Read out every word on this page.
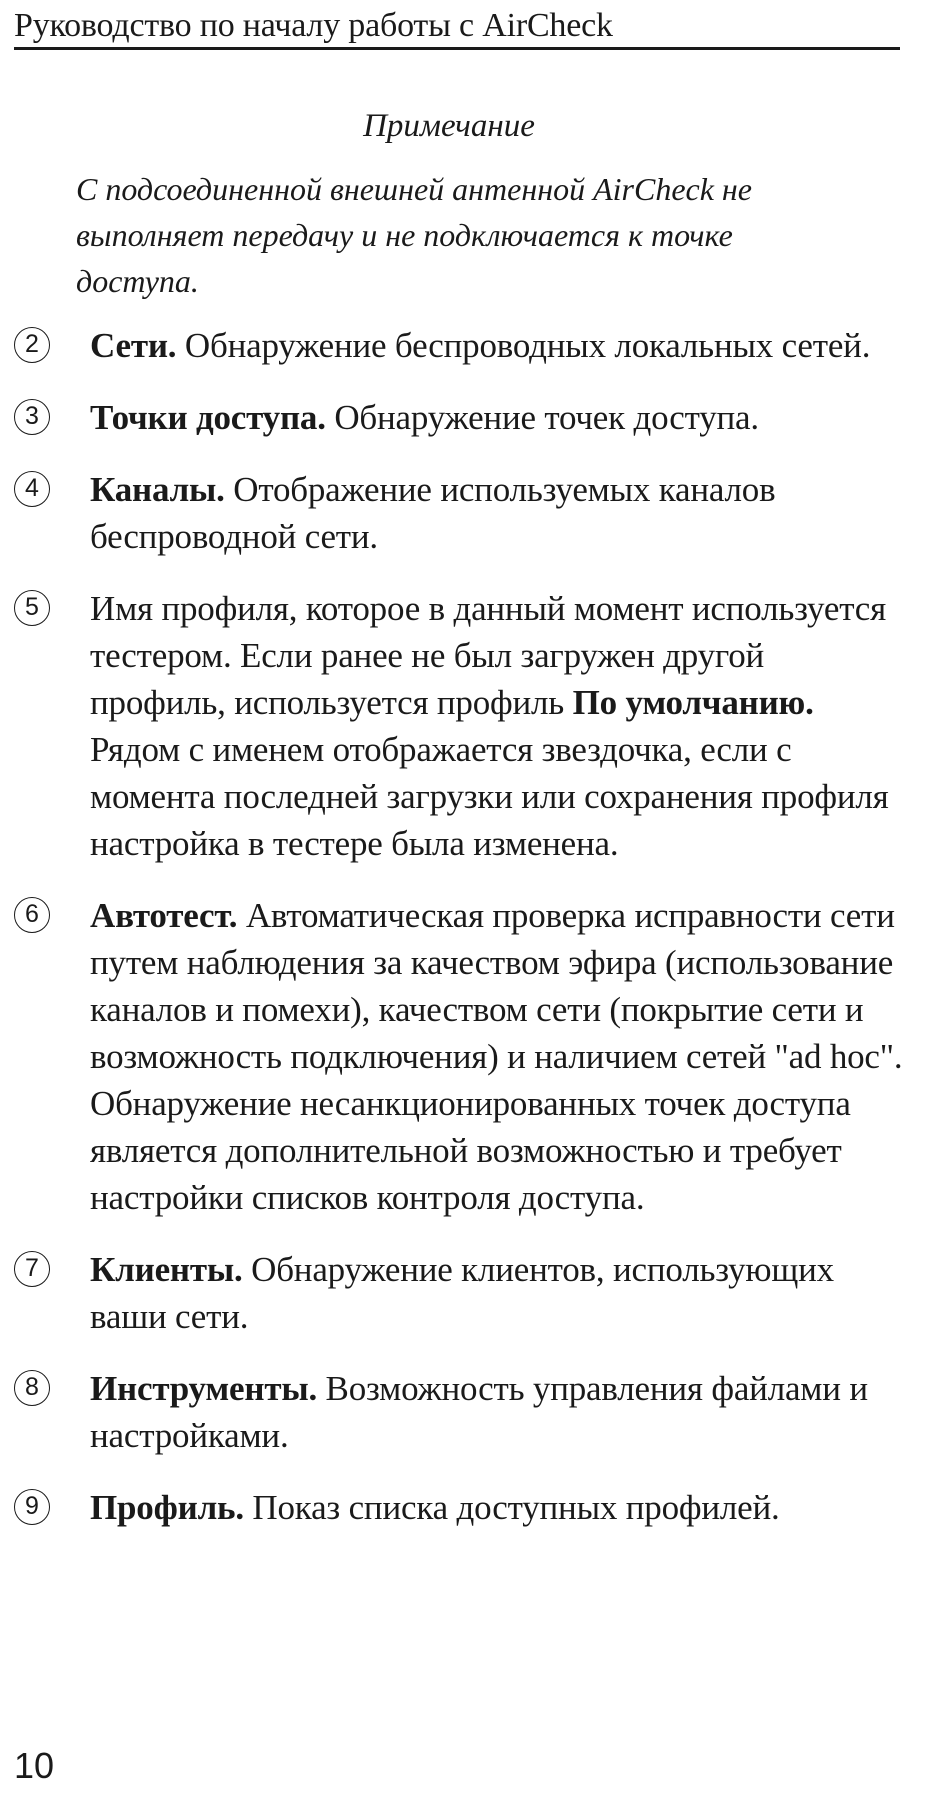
Руководство по началу работы с AirCheck
Примечание
С подсоединенной внешней антенной AirCheck не выполняет передачу и не подключается к точке доступа.
2	Сети. Обнаружение беспроводных локальных сетей.
3	Точки доступа. Обнаружение точек доступа.
4	Каналы. Отображение используемых каналов беспроводной сети.
5	Имя профиля, которое в данный момент используется тестером. Если ранее не был загружен другой профиль, используется профиль По умолчанию. Рядом с именем отображается звездочка, если с момента последней загрузки или сохранения профиля настройка в тестере была изменена.
6	Автотест. Автоматическая проверка исправности сети путем наблюдения за качеством эфира (использование каналов и помехи), качеством сети (покрытие сети и возможность подключения) и наличием сетей "ad hoc". Обнаружение несанкционированных точек доступа является дополнительной возможностью и требует настройки списков контроля доступа.
7	Клиенты. Обнаружение клиентов, использующих ваши сети.
8	Инструменты. Возможность управления файлами и настройками.
9	Профиль. Показ списка доступных профилей.
10
